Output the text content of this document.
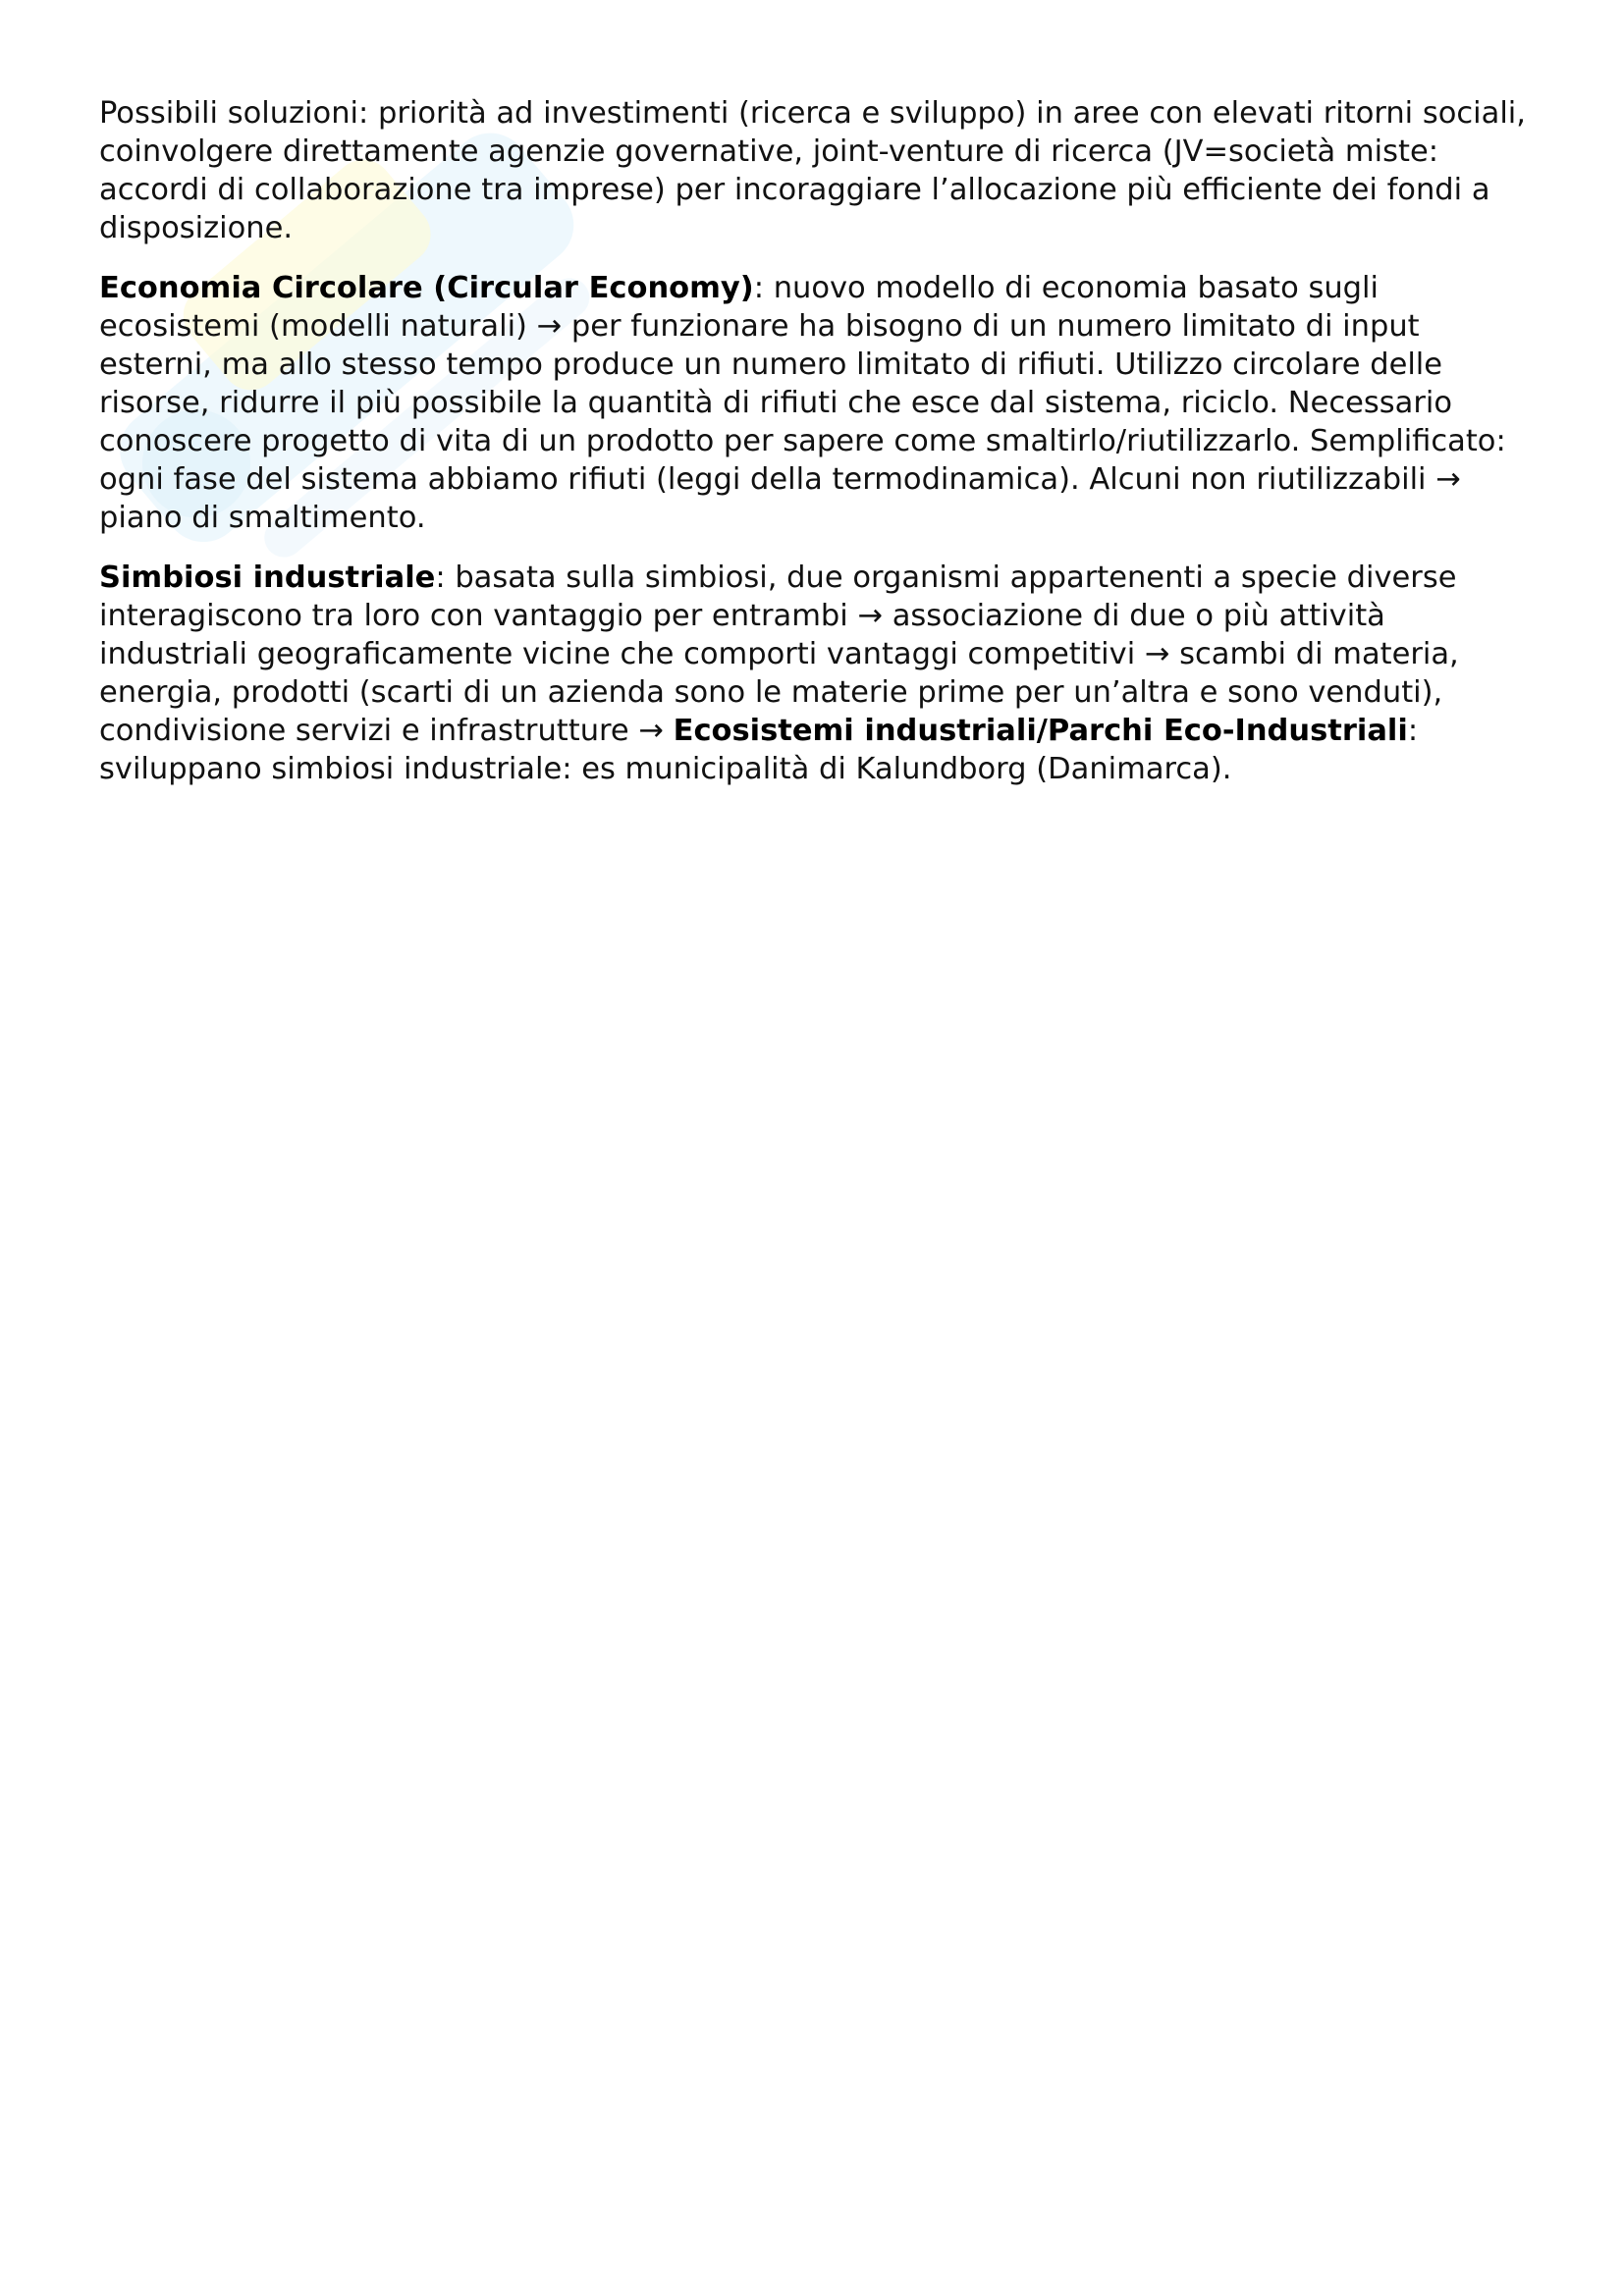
Possibili soluzioni: priorità ad investimenti (ricerca e sviluppo) in aree con elevati ritorni sociali, coinvolgere direttamente agenzie governative, joint-venture di ricerca (JV=società miste: accordi di collaborazione tra imprese) per incoraggiare l’allocazione più efficiente dei fondi a disposizione.

Economia Circolare (Circular Economy): nuovo modello di economia basato sugli ecosistemi (modelli naturali) → per funzionare ha bisogno di un numero limitato di input esterni, ma allo stesso tempo produce un numero limitato di rifiuti. Utilizzo circolare delle risorse, ridurre il più possibile la quantità di rifiuti che esce dal sistema, riciclo. Necessario conoscere progetto di vita di un prodotto per sapere come smaltirlo/riutilizzarlo. Semplificato: ogni fase del sistema abbiamo rifiuti (leggi della termodinamica). Alcuni non riutilizzabili → piano di smaltimento.

Simbiosi industriale: basata sulla simbiosi, due organismi appartenenti a specie diverse interagiscono tra loro con vantaggio per entrambi → associazione di due o più attività industriali geograficamente vicine che comporti vantaggi competitivi → scambi di materia, energia, prodotti (scarti di un azienda sono le materie prime per un’altra e sono venduti), condivisione servizi e infrastrutture → Ecosistemi industriali/Parchi Eco-Industriali: sviluppano simbiosi industriale: es municipalità di Kalundborg (Danimarca).
